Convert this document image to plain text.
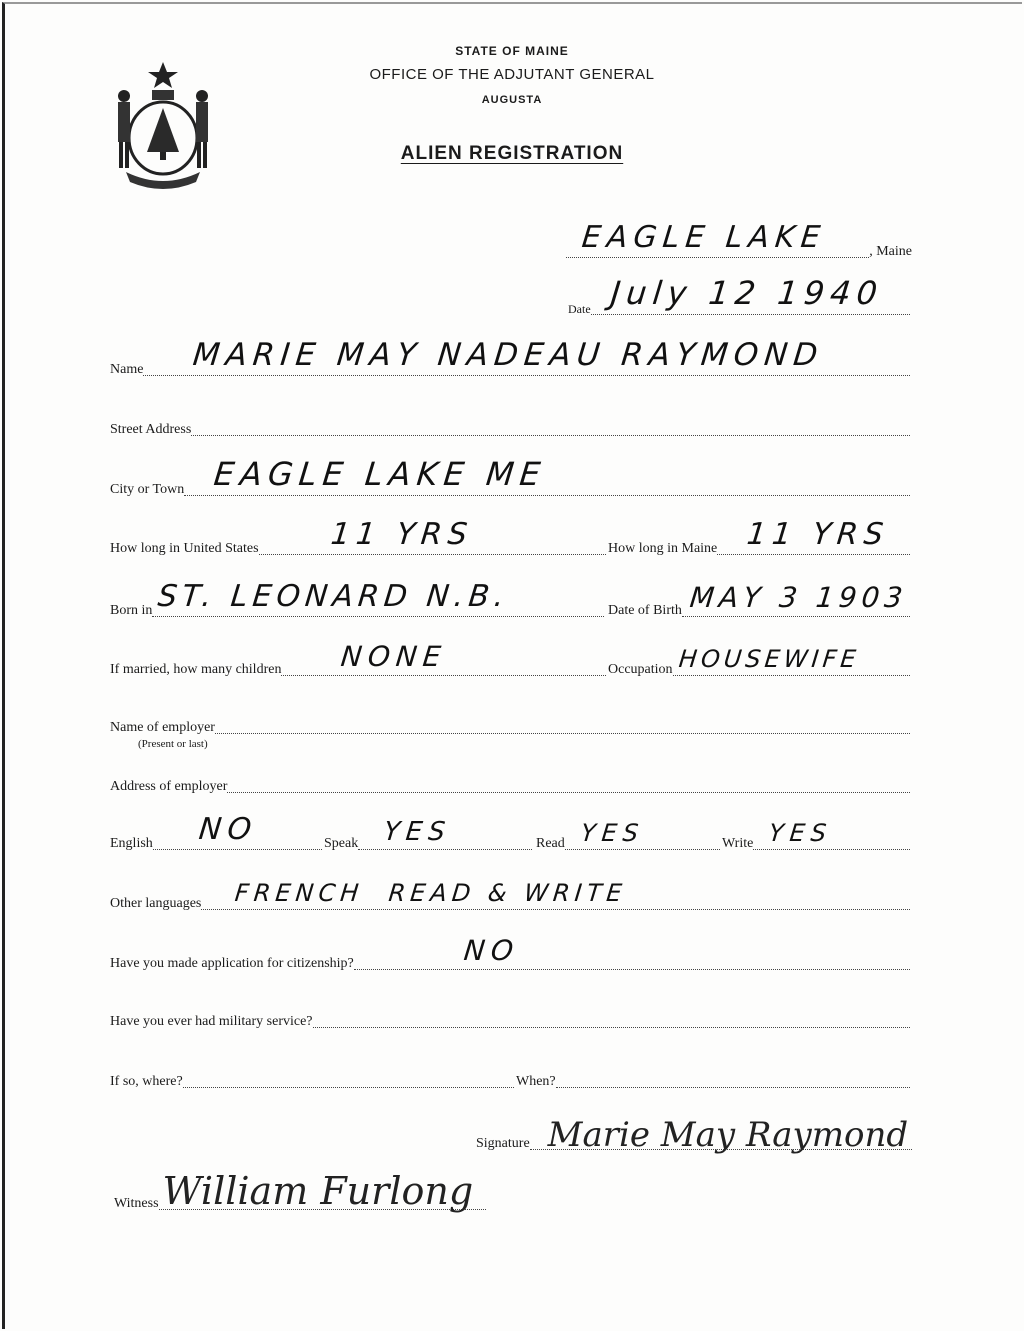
STATE OF MAINE
OFFICE OF THE ADJUTANT GENERAL
AUGUSTA
ALIEN REGISTRATION
EAGLE LAKE	, Maine
Date July 12 1940
Name MARIE MAY NADEAU RAYMOND
Street Address
City or Town EAGLE LAKE ME
How long in United States 11 YRS	How long in Maine 11 YRS
Born in ST. LEONARD N.B.	Date of Birth MAY 3 1903
If married, how many children NONE	Occupation HOUSEWIFE
Name of employer
(Present or last)
Address of employer
English NO	Speak YES	Read YES	Write YES
Other languages FRENCH  READ & WRITE
Have you made application for citizenship?	NO
Have you ever had military service?
If so, where?	When?
Signature Marie May Raymond
Witness William Furlong
